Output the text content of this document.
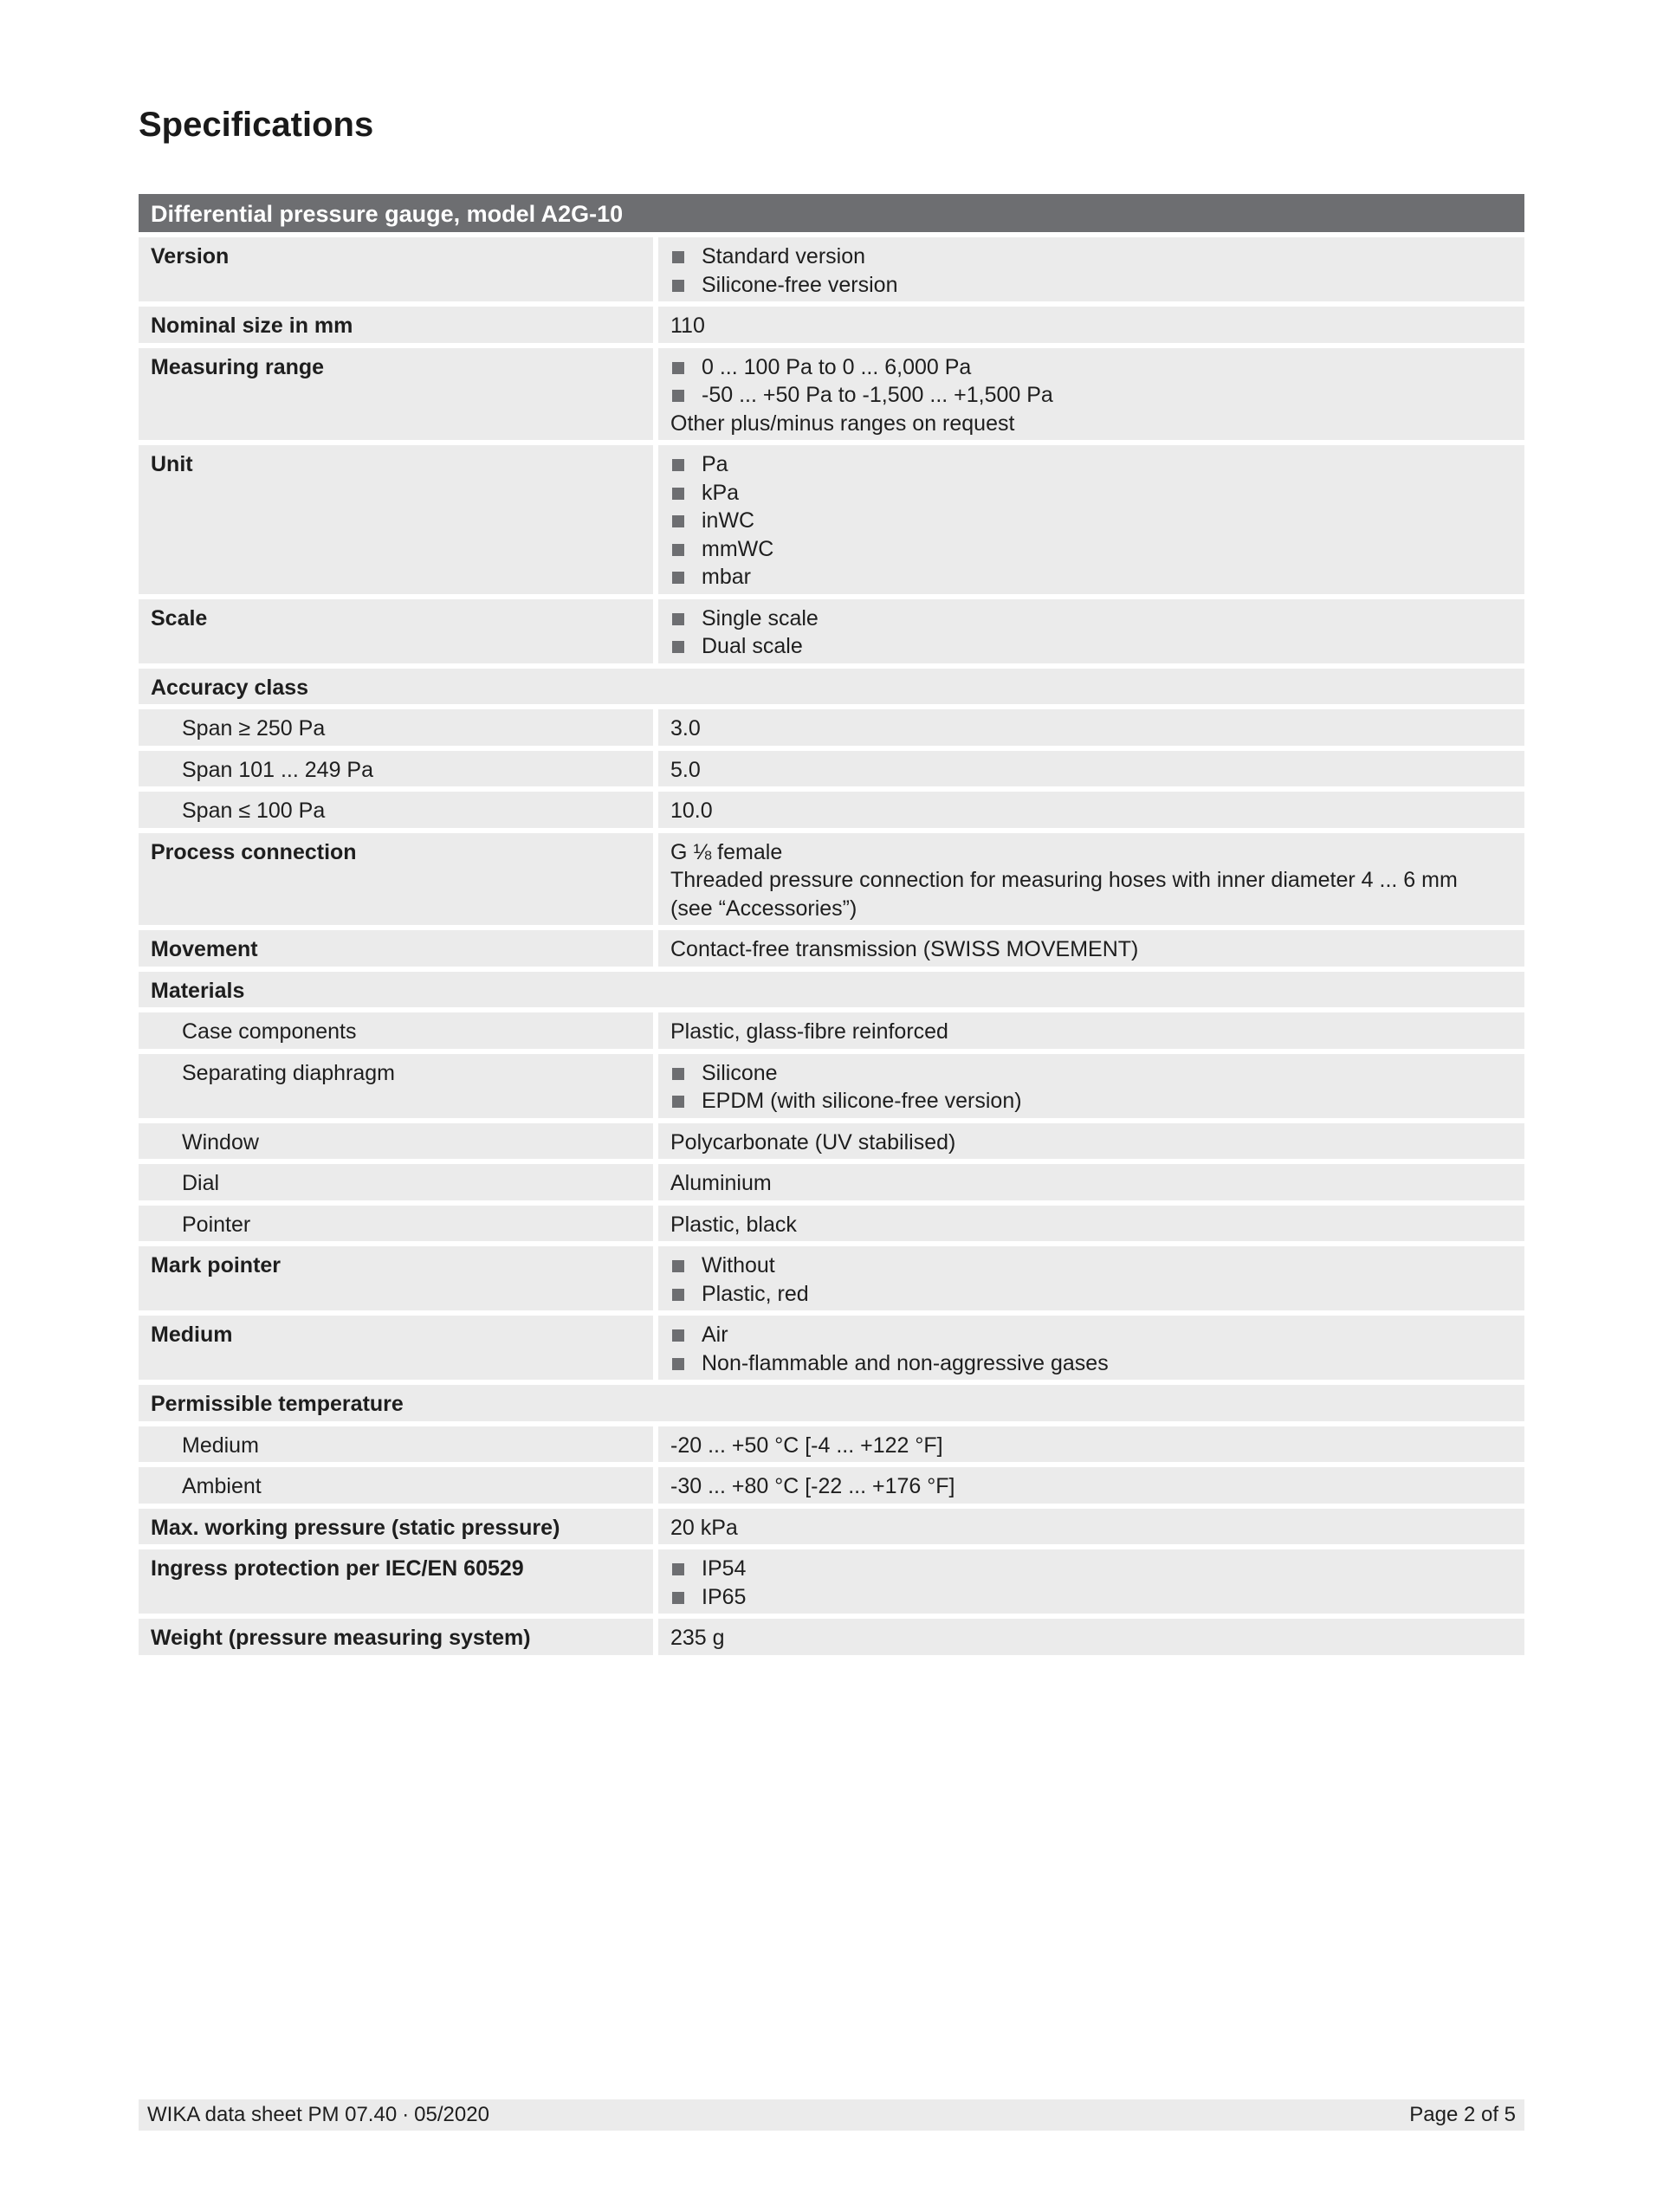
Specifications
Differential pressure gauge, model A2G-10	
Version	Standard version
Silicone-free version

Nominal size in mm	110

Measuring range	0 ... 100 Pa to 0 ... 6,000 Pa
-50 ... +50 Pa to -1,500 ... +1,500 Pa
Other plus/minus ranges on request

Unit	Pa
kPa
inWC
mmWC
mbar

Scale	Single scale
Dual scale

Accuracy class	
Span ≥ 250 Pa	3.0

Span 101 ... 249 Pa	5.0

Span ≤ 100 Pa	10.0

Process connection	G ⅛ female
Threaded pressure connection for measuring hoses with inner diameter 4 ... 6 mm
(see “Accessories”)

Movement	Contact-free transmission (SWISS MOVEMENT)

Materials	
Case components	Plastic, glass-fibre reinforced

Separating diaphragm	Silicone
EPDM (with silicone-free version)

Window	Polycarbonate (UV stabilised)

Dial	Aluminium

Pointer	Plastic, black

Mark pointer	Without
Plastic, red

Medium	Air
Non-flammable and non-aggressive gases

Permissible temperature	
Medium	-20 ... +50 °C [-4 ... +122 °F]

Ambient	-30 ... +80 °C [-22 ... +176 °F]

Max. working pressure (static pressure)	20 kPa

Ingress protection per IEC/EN 60529	IP54
IP65

Weight (pressure measuring system)	235 g
WIKA data sheet PM 07.40 ∙ 05/2020	Page 2 of 5
